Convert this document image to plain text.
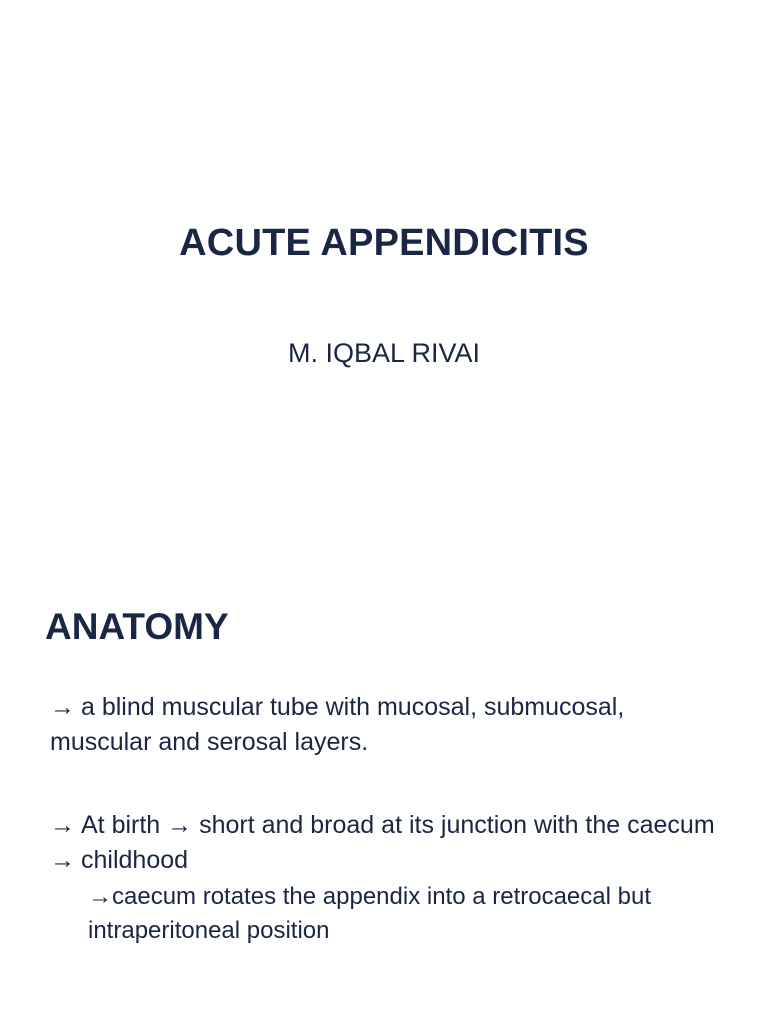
ACUTE APPENDICITIS

M. IQBAL RIVAI

ANATOMY
→ a blind muscular tube with mucosal, submucosal, muscular and serosal layers.
→ At birth → short and broad at its junction with the caecum
→ childhood
→caecum rotates the appendix into a retrocaecal but intraperitoneal position
